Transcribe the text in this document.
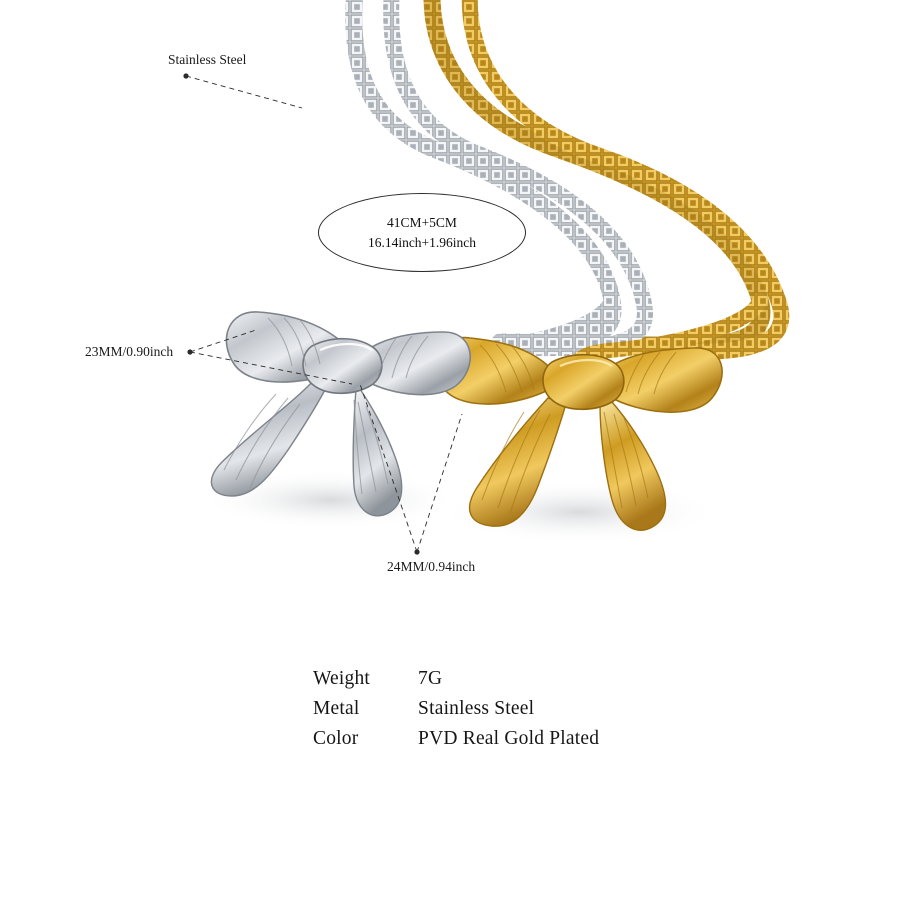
Stainless Steel
23MM/0.90inch
24MM/0.94inch
41CM+5CM
16.14inch+1.96inch
Weight	7G
Metal	Stainless Steel
Color	PVD Real Gold Plated
